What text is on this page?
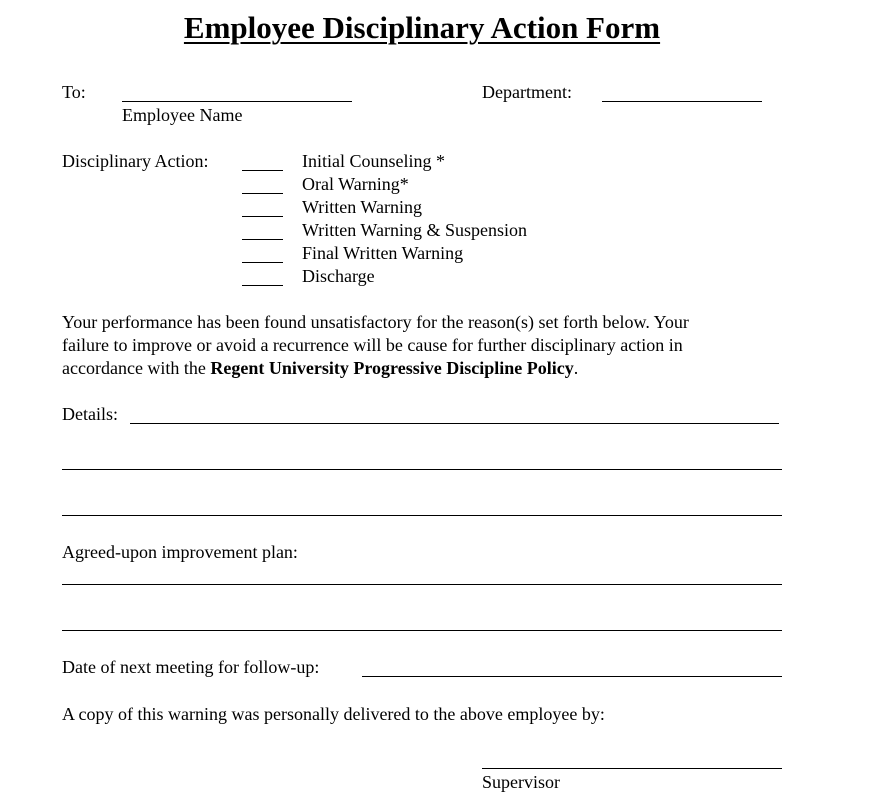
Employee Disciplinary Action Form
To:
Employee Name
Department:
Disciplinary Action:	Initial Counseling *
Oral Warning*
Written Warning
Written Warning & Suspension
Final Written Warning
Discharge
Your performance has been found unsatisfactory for the reason(s) set forth below. Your
failure to improve or avoid a recurrence will be cause for further disciplinary action in
accordance with the Regent University Progressive Discipline Policy.
Details:
Agreed-upon improvement plan:
Date of next meeting for follow-up:
A copy of this warning was personally delivered to the above employee by:
Supervisor
